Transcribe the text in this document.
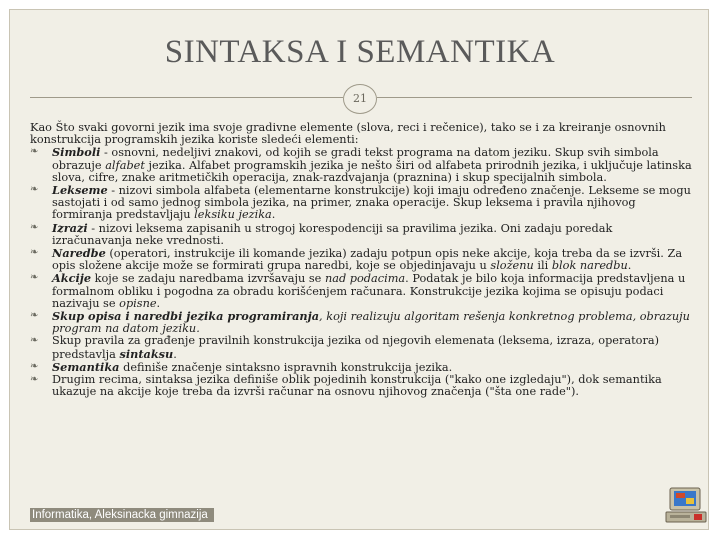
SINTAKSA I SEMANTIKA
21

Kao Što svaki govorni jezik ima svoje gradivne elemente (slova, reci i rečenice), tako se i za kreiranje osnovnih konstrukcija programskih jezika koriste sledeći elementi:

❧ Simboli - osnovni, nedeljivi znakovi, od kojih se gradi tekst programa na datom jeziku. Skup svih simbola obrazuje alfabet jezika. Alfabet programskih jezika je nešto širi od alfabeta prirodnih jezika, i uključuje latinska slova, cifre, znake aritmetičkih operacija, znak-razdvajanja (praznina) i skup specijalnih simbola.
❧ Lekseme - nizovi simbola alfabeta (elementarne konstrukcije) koji imaju određeno značenje. Lekseme se mogu sastojati i od samo jednog simbola jezika, na primer, znaka operacije. Skup leksema i pravila njihovog formiranja predstavljaju leksiku jezika.
❧ Izrazi - nizovi leksema zapisanih u strogoj korespodenciji sa pravilima jezika. Oni zadaju poredak izračunavanja neke vrednosti.
❧ Naredbe (operatori, instrukcije ili komande jezika) zadaju potpun opis neke akcije, koja treba da se izvrši. Za opis složene akcije može se formirati grupa naredbi, koje se objedinjavaju u složenu ili blok naredbu.
❧ Akcije koje se zadaju naredbama izvršavaju se nad podacima. Podatak je bilo koja informacija predstavljena u formalnom obliku i pogodna za obradu korišćenjem računara. Konstrukcije jezika kojima se opisuju podaci nazivaju se opisne.
❧ Skup opisa i naredbi jezika programiranja, koji realizuju algoritam rešenja konkretnog problema, obrazuju program na datom jeziku.
❧ Skup pravila za građenje pravilnih konstrukcija jezika od njegovih elemenata (leksema, izraza, operatora) predstavlja sintaksu.
❧ Semantika definiše značenje sintaksno ispravnih konstrukcija jezika.
❧ Drugim recima, sintaksa jezika definiše oblik pojedinih konstrukcija ("kako one izgledaju"), dok semantika ukazuje na akcije koje treba da izvrši računar na osnovu njihovog značenja ("šta one rade").
Informatika, Aleksinacka gimnazija
